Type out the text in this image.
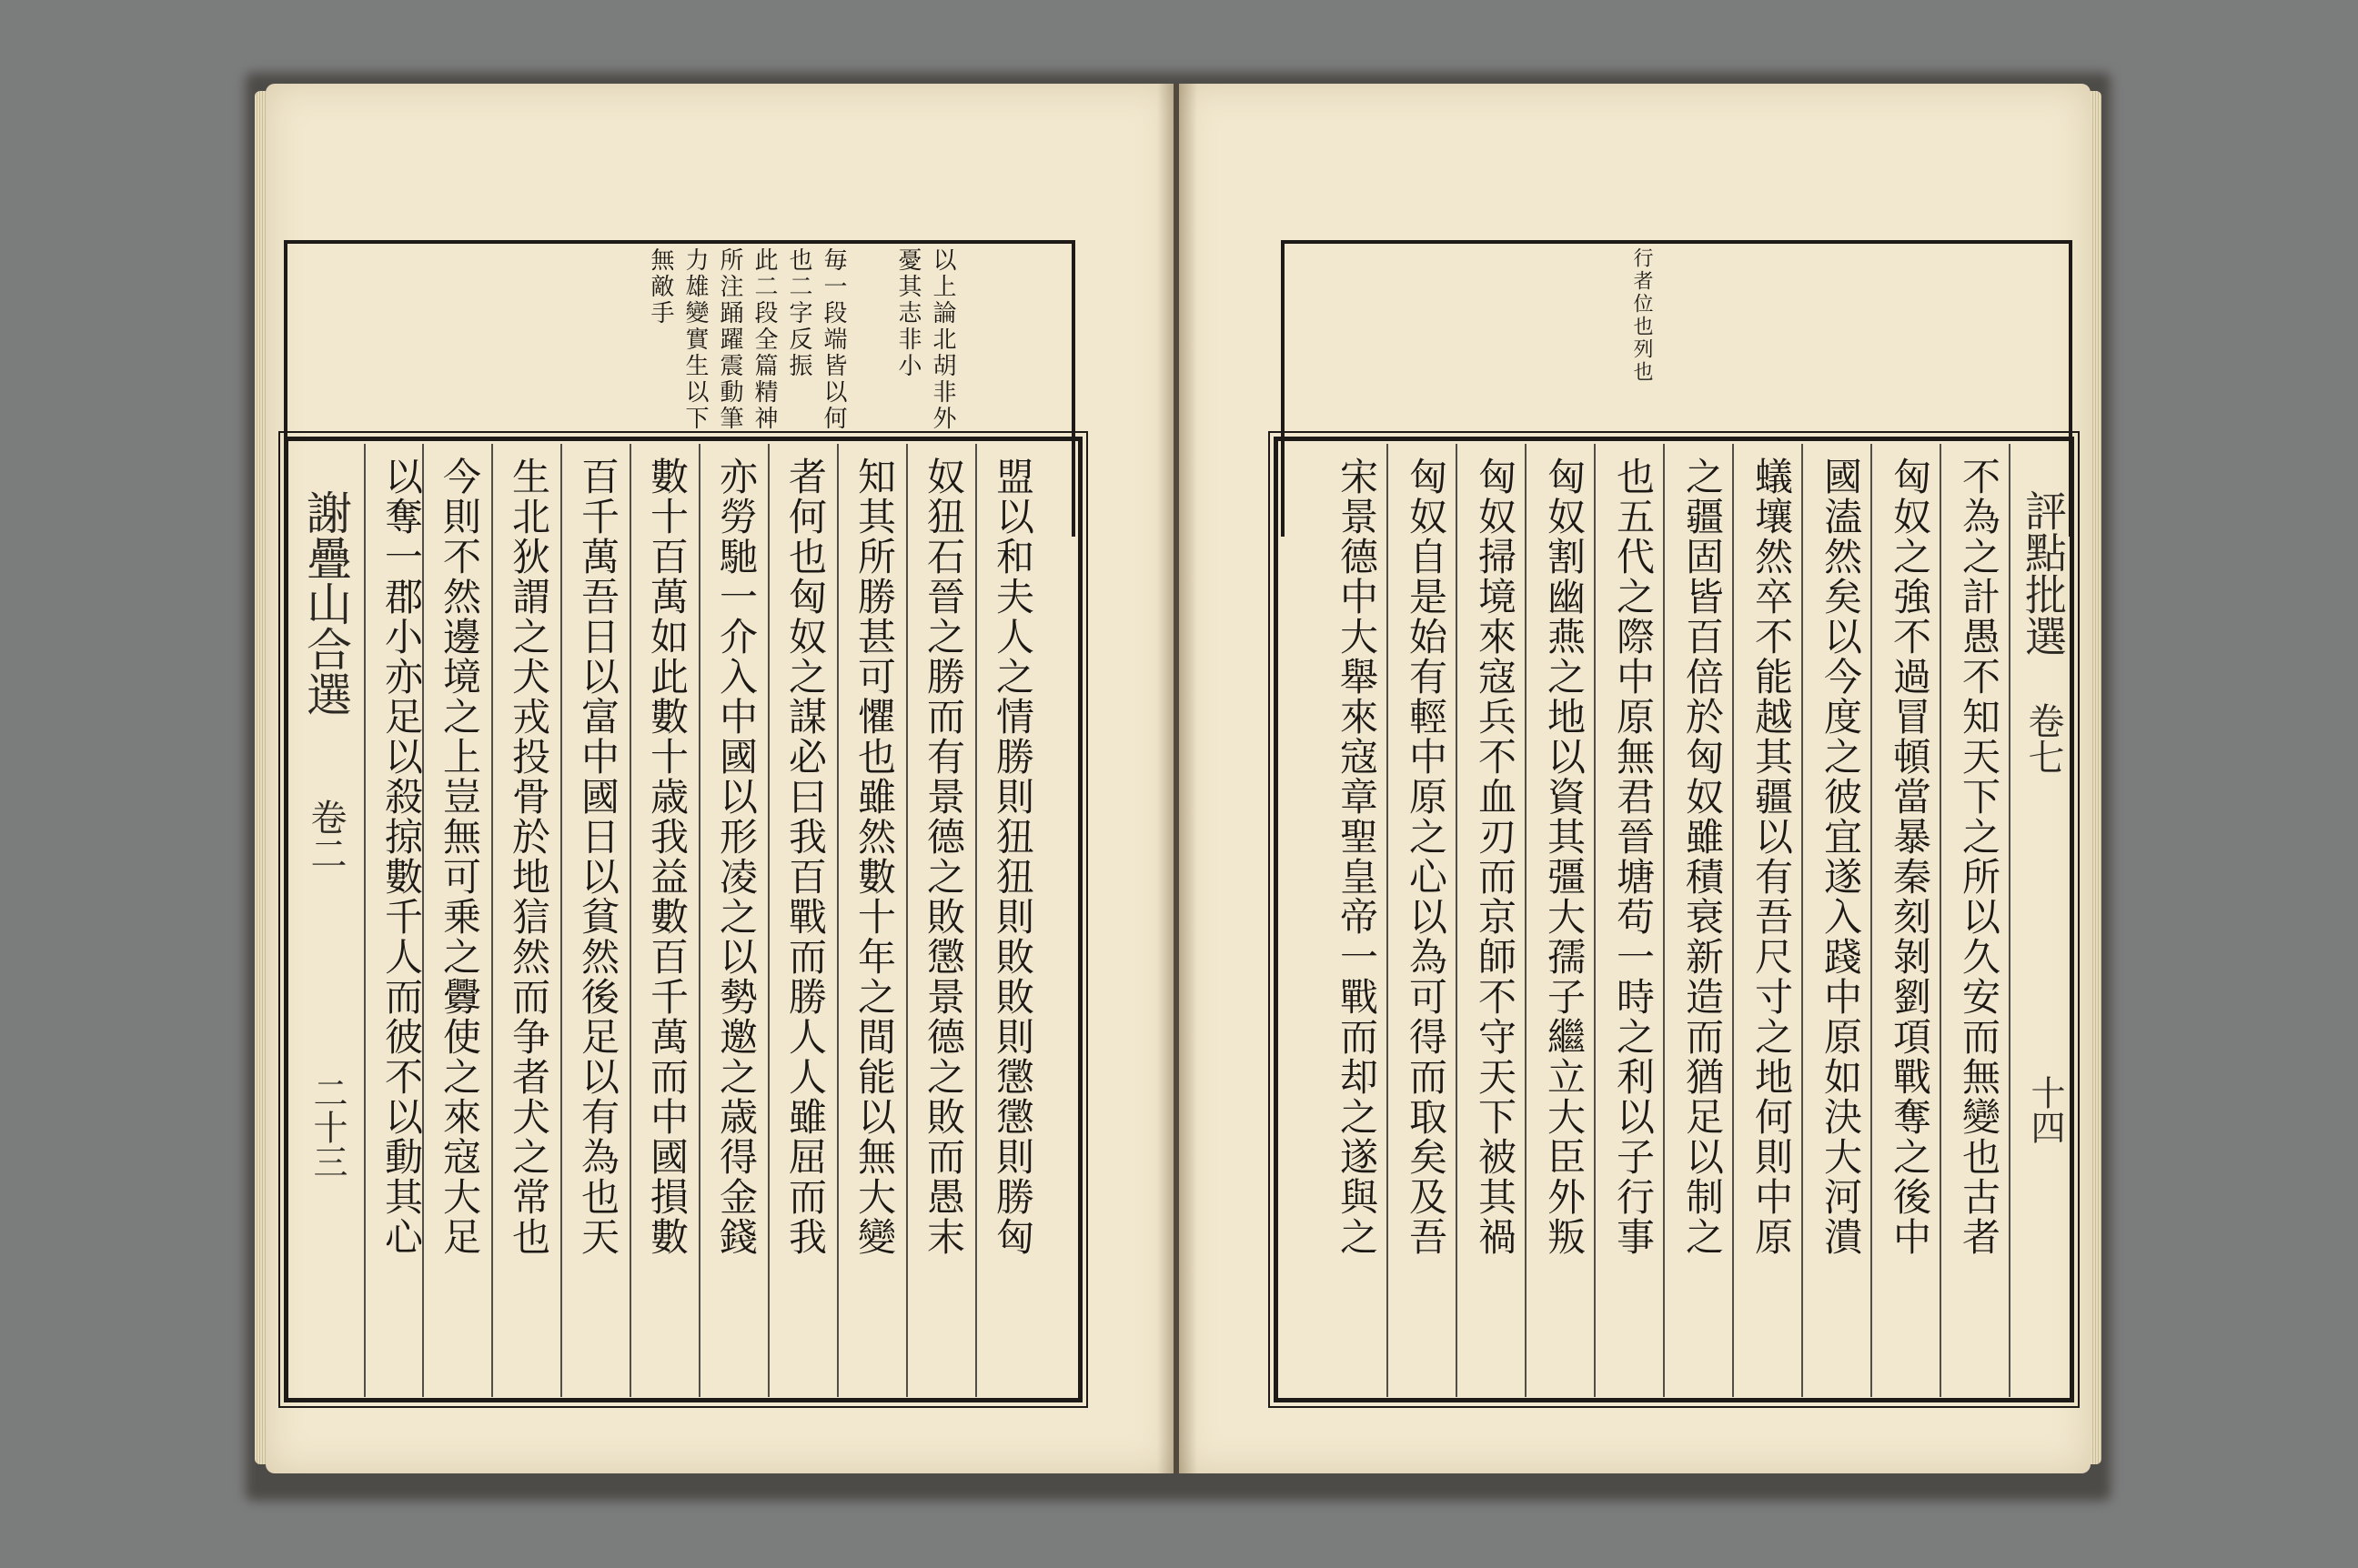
以上論北胡非外
憂其志非小
毎一段端皆以何
也二字反振
此二段全篇精神
所注踊躍震動筆
力雄變實生以下
無敵手
謝疊山合選
卷二
二十三	盟以和夫人之情勝則狃狃則敗敗則懲懲則勝匈
奴狃石晉之勝而有景德之敗懲景德之敗而愚末
知其所勝甚可懼也雖然數十年之間能以無大變
者何也匈奴之謀必曰我百戰而勝人人雖屈而我
亦勞馳一介入中國以形凌之以勢邀之歳得金錢
數十百萬如此數十歳我益數百千萬而中國損數
百千萬吾日以富中國日以貧然後足以有為也天
生北狄謂之犬戎投骨於地狺然而争者犬之常也
今則不然邊境之上豈無可乗之釁使之來寇大足
以奪一郡小亦足以殺掠數千人而彼不以動其心
行者位也列也
不為之計愚不知天下之所以久安而無變也古者
匈奴之強不過冒頓當暴秦刻剝劉項戰奪之後中
國溘然矣以今度之彼宜遂入踐中原如決大河潰
蟻壤然卒不能越其疆以有吾尺寸之地何則中原
之疆固皆百倍於匈奴雖積衰新造而猶足以制之
也五代之際中原無君晉塘苟一時之利以子行事
匈奴割幽燕之地以資其彊大孺子繼立大臣外叛
匈奴掃境來寇兵不血刃而京師不守天下被其禍
匈奴自是始有輕中原之心以為可得而取矣及吾
宋景德中大舉來寇章聖皇帝一戰而却之遂與之	評點批選
卷七
十四
